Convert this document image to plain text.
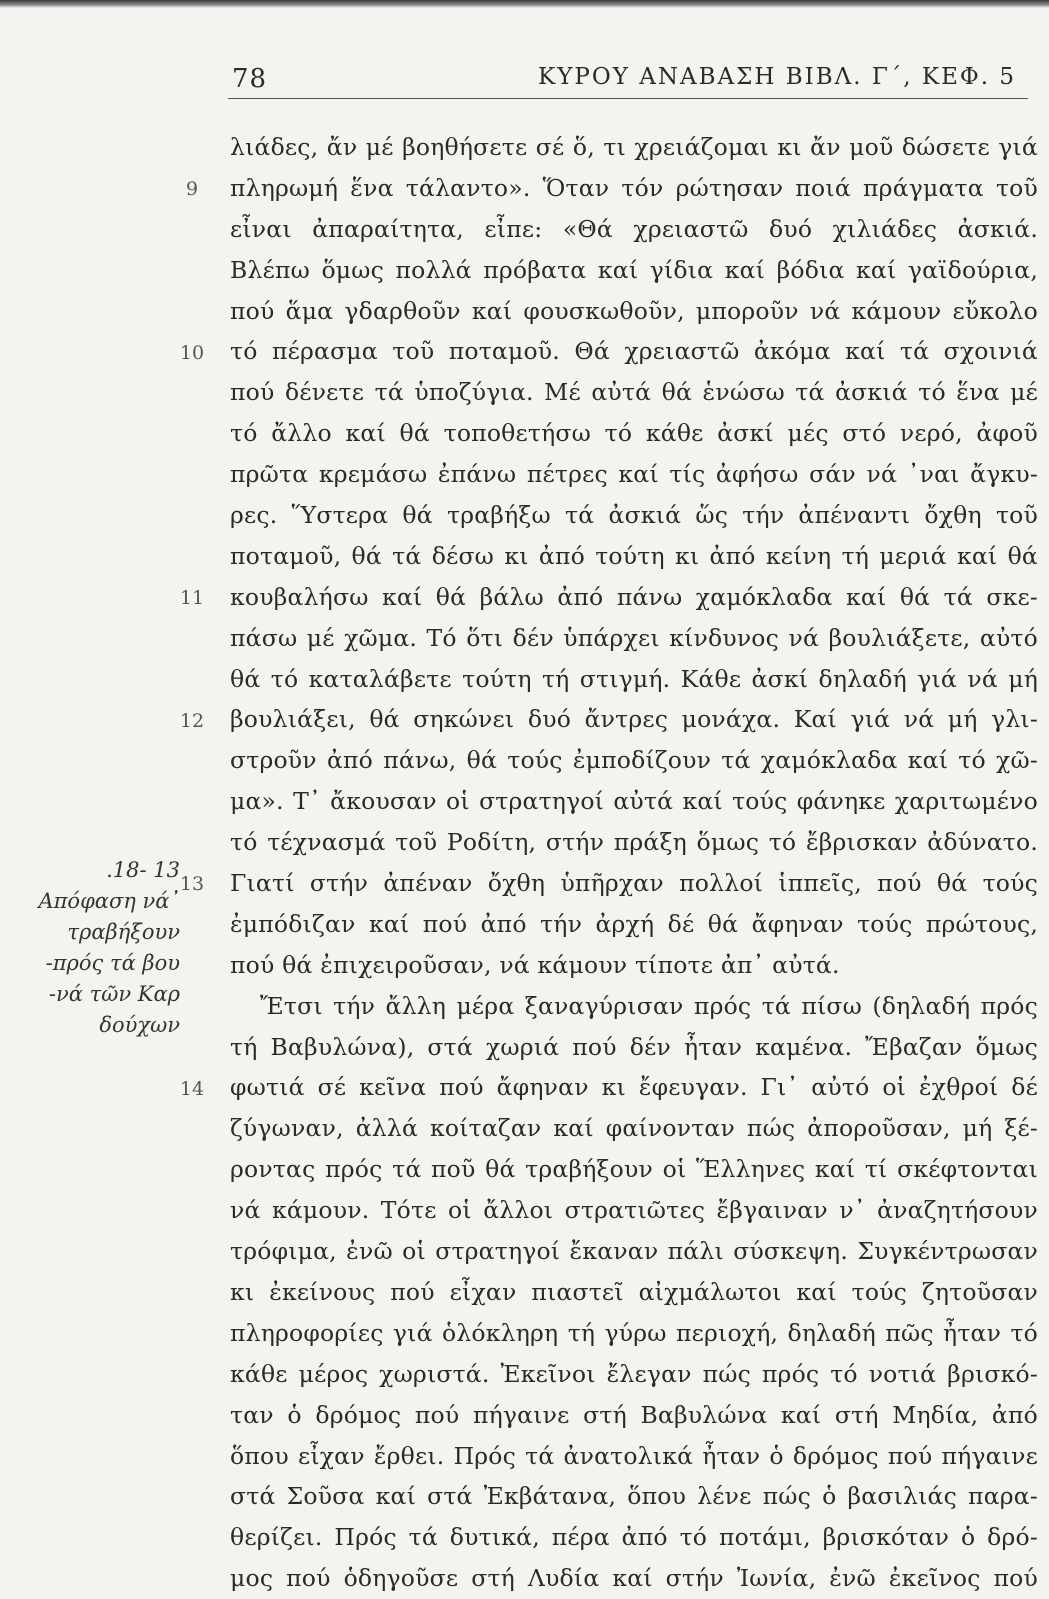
78	ΚΥΡΟΥ ΑΝΑΒΑΣΗ ΒΙΒΛ. Γ΄, ΚΕΦ. 5
13 -18.
᾿Απόφαση νά
τραβήξουν
πρός τά βου-
νά τῶν Καρ-
δούχων
9
10
11
12
13
14
λιάδες, ἄν μέ βοηθήσετε σέ ὅ, τι χρειάζομαι κι ἄν μοῦ δώσετε γιά
πληρωμή ἕνα τάλαντο». Ὅταν τόν ρώτησαν ποιά πράγματα τοῦ
εἶναι ἀπαραίτητα, εἶπε: «Θά χρειαστῶ δυό χιλιάδες ἀσκιά.
Βλέπω ὅμως πολλά πρόβατα καί γίδια καί βόδια καί γαϊδούρια,
πού ἅμα γδαρθοῦν καί φουσκωθοῦν, μποροῦν νά κάμουν εὔκολο
τό πέρασμα τοῦ ποταμοῦ. Θά χρειαστῶ ἀκόμα καί τά σχοινιά
πού δένετε τά ὑποζύγια. Μέ αὐτά θά ἑνώσω τά ἀσκιά τό ἕνα μέ
τό ἄλλο καί θά τοποθετήσω τό κάθε ἀσκί μές στό νερό, ἀφοῦ
πρῶτα κρεμάσω ἐπάνω πέτρες καί τίς ἀφήσω σάν νά ᾽ναι ἄγκυ-
ρες. Ὕστερα θά τραβήξω τά ἀσκιά ὥς τήν ἀπέναντι ὄχθη τοῦ
ποταμοῦ, θά τά δέσω κι ἀπό τούτη κι ἀπό κείνη τή μεριά καί θά
κουβαλήσω καί θά βάλω ἀπό πάνω χαμόκλαδα καί θά τά σκε-
πάσω μέ χῶμα. Τό ὅτι δέν ὑπάρχει κίνδυνος νά βουλιάξετε, αὐτό
θά τό καταλάβετε τούτη τή στιγμή. Κάθε ἀσκί δηλαδή γιά νά μή
βουλιάξει, θά σηκώνει δυό ἄντρες μονάχα. Καί γιά νά μή γλι-
στροῦν ἀπό πάνω, θά τούς ἐμποδίζουν τά χαμόκλαδα καί τό χῶ-
μα». Τ᾽ ἄκουσαν οἱ στρατηγοί αὐτά καί τούς φάνηκε χαριτωμένο
τό τέχνασμά τοῦ Ροδίτη, στήν πράξη ὅμως τό ἔβρισκαν ἀδύνατο.
Γιατί στήν ἀπέναν ὄχθη ὑπῆρχαν πολλοί ἱππεῖς, πού θά τούς
ἐμπόδιζαν καί πού ἀπό τήν ἀρχή δέ θά ἄφηναν τούς πρώτους,
πού θά ἐπιχειροῦσαν, νά κάμουν τίποτε ἀπ᾽ αὐτά.
Ἔτσι τήν ἄλλη μέρα ξαναγύρισαν πρός τά πίσω (δηλαδή πρός
τή Βαβυλώνα), στά χωριά πού δέν ἦταν καμένα. Ἔβαζαν ὅμως
φωτιά σέ κεῖνα πού ἄφηναν κι ἔφευγαν. Γι᾽ αὐτό οἱ ἐχθροί δέ
ζύγωναν, ἀλλά κοίταζαν καί φαίνονταν πώς ἀποροῦσαν, μή ξέ-
ροντας πρός τά ποῦ θά τραβήξουν οἱ Ἕλληνες καί τί σκέφτονται
νά κάμουν. Τότε οἱ ἄλλοι στρατιῶτες ἔβγαιναν ν᾽ ἀναζητήσουν
τρόφιμα, ἐνῶ οἱ στρατηγοί ἔκαναν πάλι σύσκεψη. Συγκέντρωσαν
κι ἐκείνους πού εἶχαν πιαστεῖ αἰχμάλωτοι καί τούς ζητοῦσαν
πληροφορίες γιά ὁλόκληρη τή γύρω περιοχή, δηλαδή πῶς ἦταν τό
κάθε μέρος χωριστά. Ἐκεῖνοι ἔλεγαν πώς πρός τό νοτιά βρισκό-
ταν ὁ δρόμος πού πήγαινε στή Βαβυλώνα καί στή Μηδία, ἀπό
ὅπου εἶχαν ἔρθει. Πρός τά ἀνατολικά ἦταν ὁ δρόμος πού πήγαινε
στά Σοῦσα καί στά Ἐκβάτανα, ὅπου λένε πώς ὁ βασιλιάς παρα-
θερίζει. Πρός τά δυτικά, πέρα ἀπό τό ποτάμι, βρισκόταν ὁ δρό-
μος πού ὁδηγοῦσε στή Λυδία καί στήν Ἰωνία, ἐνῶ ἐκεῖνος πού
